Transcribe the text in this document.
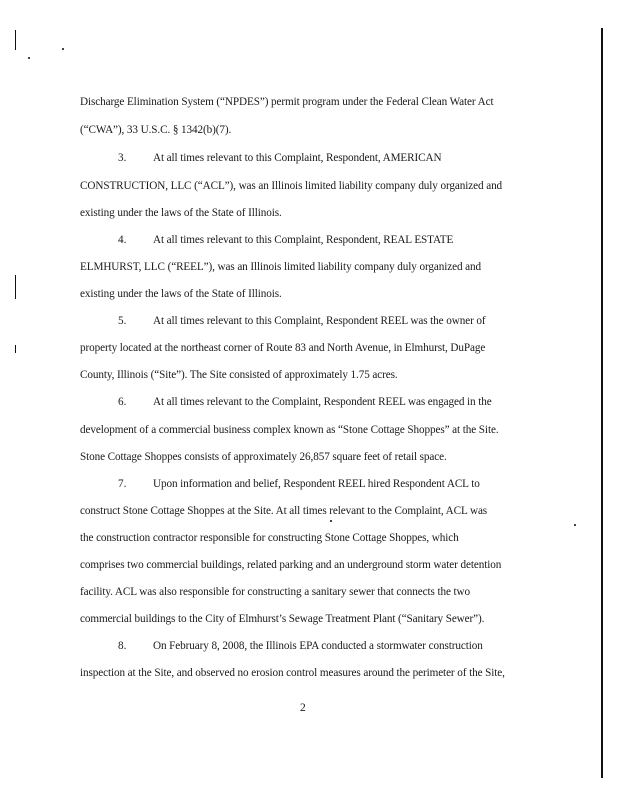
Discharge Elimination System (“NPDES”) permit program under the Federal Clean Water Act
(“CWA”), 33 U.S.C. § 1342(b)(7).
3. At all times relevant to this Complaint, Respondent, AMERICAN
CONSTRUCTION, LLC (“ACL”), was an Illinois limited liability company duly organized and
existing under the laws of the State of Illinois.
4. At all times relevant to this Complaint, Respondent, REAL ESTATE
ELMHURST, LLC (“REEL”), was an Illinois limited liability company duly organized and
existing under the laws of the State of Illinois.
5. At all times relevant to this Complaint, Respondent REEL was the owner of
property located at the northeast corner of Route 83 and North Avenue, in Elmhurst, DuPage
County, Illinois (“Site”). The Site consisted of approximately 1.75 acres.
6. At all times relevant to the Complaint, Respondent REEL was engaged in the
development of a commercial business complex known as “Stone Cottage Shoppes” at the Site.
Stone Cottage Shoppes consists of approximately 26,857 square feet of retail space.
7. Upon information and belief, Respondent REEL hired Respondent ACL to
construct Stone Cottage Shoppes at the Site. At all times relevant to the Complaint, ACL was
the construction contractor responsible for constructing Stone Cottage Shoppes, which
comprises two commercial buildings, related parking and an underground storm water detention
facility. ACL was also responsible for constructing a sanitary sewer that connects the two
commercial buildings to the City of Elmhurst’s Sewage Treatment Plant (“Sanitary Sewer”).
8. On February 8, 2008, the Illinois EPA conducted a stormwater construction
inspection at the Site, and observed no erosion control measures around the perimeter of the Site,
2
